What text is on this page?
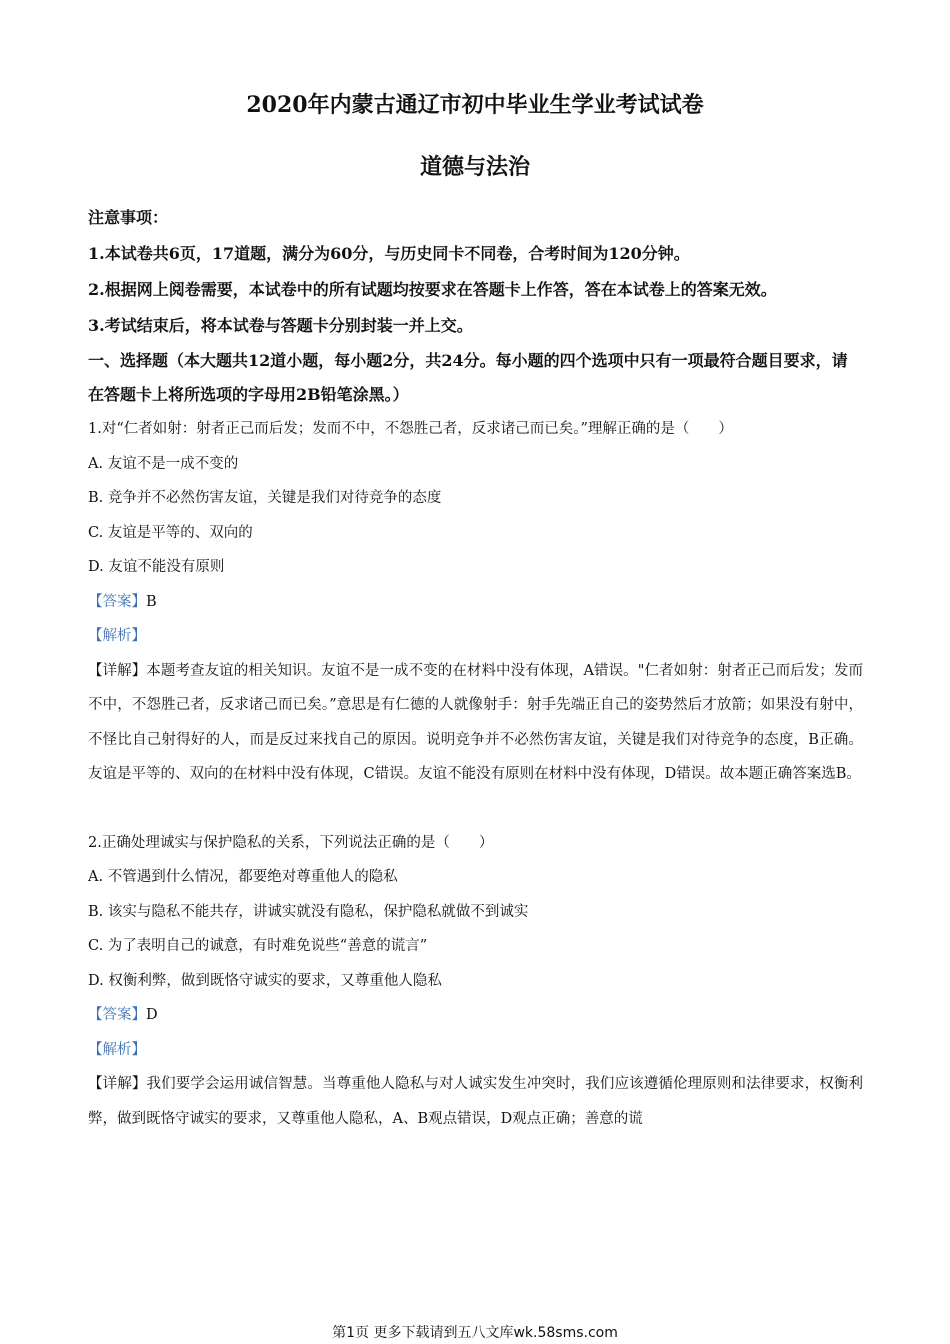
2020年内蒙古通辽市初中毕业生学业考试试卷
道德与法治

注意事项：

1.本试卷共6页，17道题，满分为60分，与历史同卡不同卷，合考时间为120分钟。

2.根据网上阅卷需要，本试卷中的所有试题均按要求在答题卡上作答，答在本试卷上的答案无效。

3.考试结束后，将本试卷与答题卡分别封装一并上交。

一、选择题（本大题共12道小题，每小题2分，共24分。每小题的四个选项中只有一项最符合题目要求，请在答题卡上将所选项的字母用2B铅笔涂黑。）

1.对“仁者如射：射者正己而后发；发而不中，不怨胜己者，反求诸己而已矣。”理解正确的是（　　）

A. 友谊不是一成不变的

B. 竞争并不必然伤害友谊，关键是我们对待竞争的态度

C. 友谊是平等的、双向的

D. 友谊不能没有原则

【答案】B

【解析】

【详解】本题考查友谊的相关知识。友谊不是一成不变的在材料中没有体现，A错误。"仁者如射：射者正己而后发；发而不中，不怨胜己者，反求诸己而已矣。”意思是有仁德的人就像射手：射手先端正自己的姿势然后才放箭；如果没有射中，不怪比自己射得好的人，而是反过来找自己的原因。说明竞争并不必然伤害友谊，关键是我们对待竞争的态度，B正确。友谊是平等的、双向的在材料中没有体现，C错误。友谊不能没有原则在材料中没有体现，D错误。故本题正确答案选B。

2.正确处理诚实与保护隐私的关系，下列说法正确的是（　　）

A. 不管遇到什么情况，都要绝对尊重他人的隐私

B. 该实与隐私不能共存，讲诚实就没有隐私，保护隐私就做不到诚实

C. 为了表明自己的诚意，有时难免说些“善意的谎言”

D. 权衡利弊，做到既恪守诚实的要求，又尊重他人隐私

【答案】D

【解析】

【详解】我们要学会运用诚信智慧。当尊重他人隐私与对人诚实发生冲突时，我们应该遵循伦理原则和法律要求，权衡利弊，做到既恪守诚实的要求，又尊重他人隐私，A、B观点错误，D观点正确；善意的谎

第1页 更多下载请到五八文库wk.58sms.com
